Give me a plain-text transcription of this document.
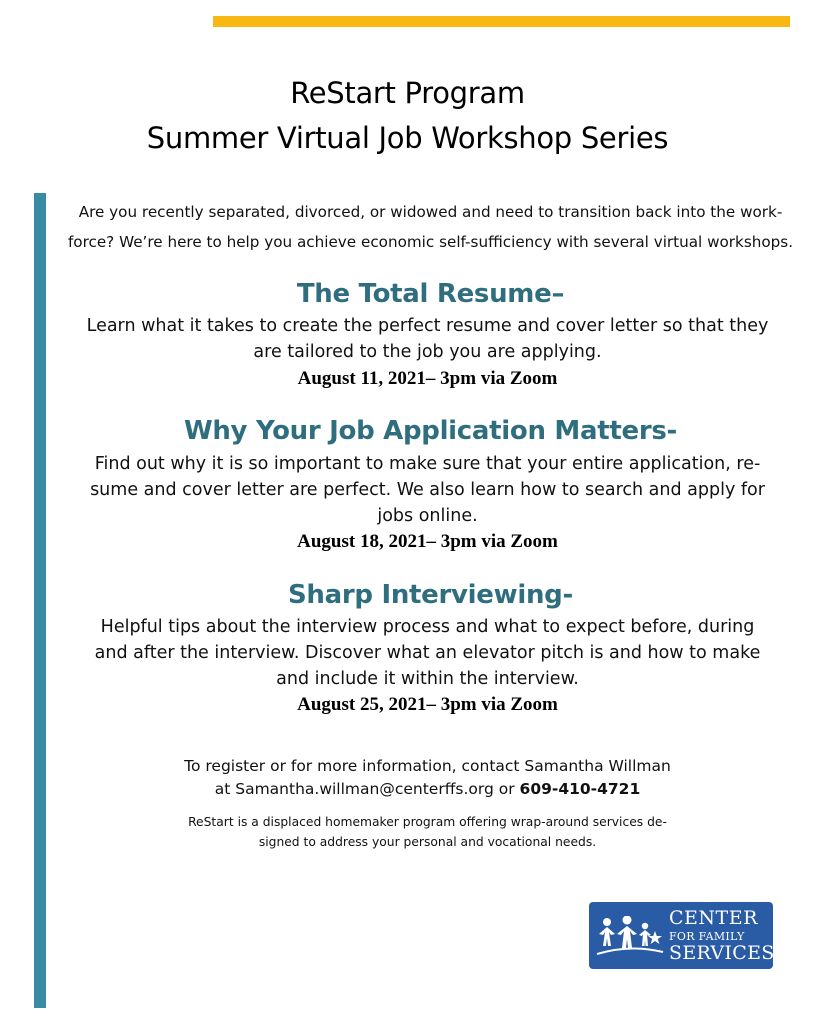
ReStart Program
Summer Virtual Job Workshop Series
Are you recently separated, divorced, or widowed and need to transition back into the work-
force? We’re here to help you achieve economic self-sufficiency with several virtual workshops.
The Total Resume–
Learn what it takes to create the perfect resume and cover letter so that they
are tailored to the job you are applying.
August 11, 2021– 3pm via Zoom
Why Your Job Application Matters-
Find out why it is so important to make sure that your entire application, re-
sume and cover letter are perfect. We also learn how to search and apply for
jobs online.
August 18, 2021– 3pm via Zoom
Sharp Interviewing-
Helpful tips about the interview process and what to expect before, during
and after the interview. Discover what an elevator pitch is and how to make
and include it within the interview.
August 25, 2021– 3pm via Zoom
To register or for more information, contact Samantha Willman
at Samantha.willman@centerffs.org or 609-410-4721
ReStart is a displaced homemaker program offering wrap-around services de-
signed to address your personal and vocational needs.
CENTER
FOR FAMILY
SERVICES
